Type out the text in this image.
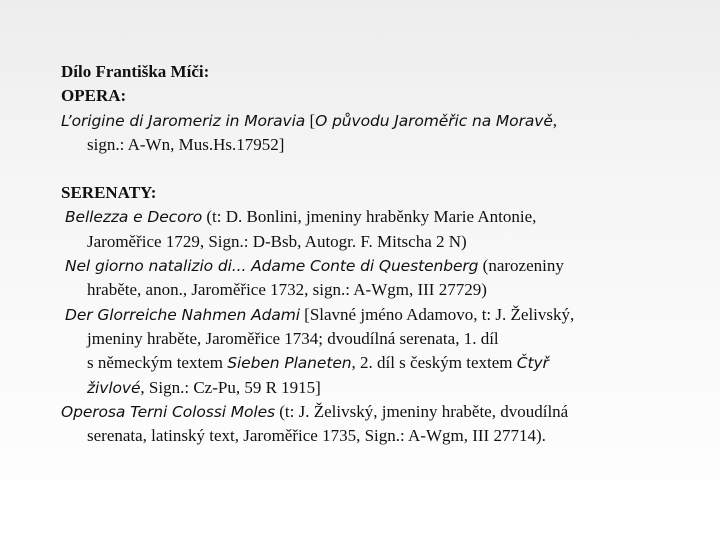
Dílo Františka Míči:
OPERA:
L’origine di Jaromeriz in Moravia [O původu Jaroměřic na Moravě,
sign.: A-Wn, Mus.Hs.17952]
SERENATY:
Bellezza e Decoro (t: D. Bonlini, jmeniny hraběnky Marie Antonie,
Jaroměřice 1729, Sign.: D-Bsb, Autogr. F. Mitscha 2 N)
Nel giorno natalizio di... Adame Conte di Questenberg (narozeniny
hraběte, anon., Jaroměřice 1732, sign.: A-Wgm, III 27729)
Der Glorreiche Nahmen Adami [Slavné jméno Adamovo, t: J. Želivský,
jmeniny hraběte, Jaroměřice 1734; dvoudílná serenata, 1. díl
s německým textem Sieben Planeten, 2. díl s českým textem Čtyř
živlové, Sign.: Cz-Pu, 59 R 1915]
Operosa Terni Colossi Moles (t: J. Želivský, jmeniny hraběte, dvoudílná
serenata, latinský text, Jaroměřice 1735, Sign.: A-Wgm, III 27714).
